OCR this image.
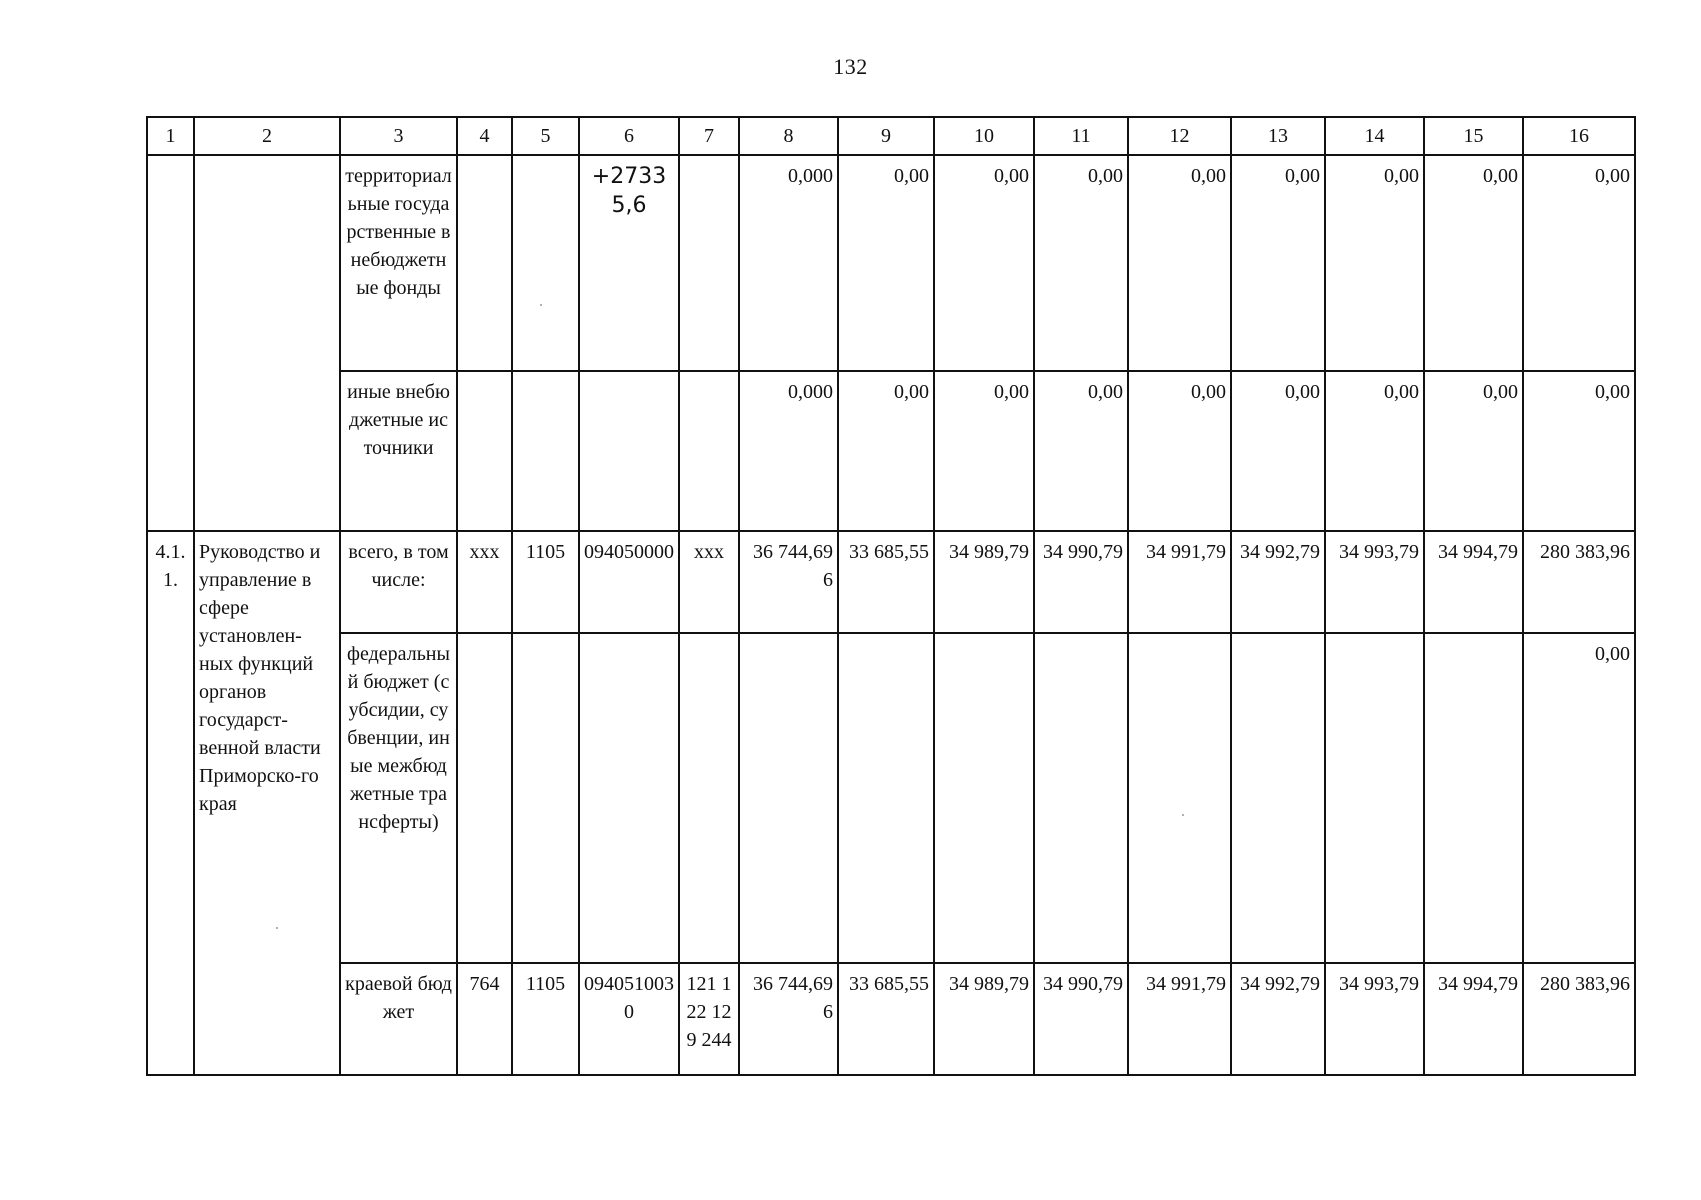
132
1	2	3	4	5	6	7	8	9	10	11	12	13	14	15	16
		территориальные государственные внебюджетные фонды			+27335,6		0,000	0,00	0,00	0,00	0,00	0,00	0,00	0,00	0,00
		иные внебюджетные источники					0,000	0,00	0,00	0,00	0,00	0,00	0,00	0,00	0,00
4.1.1.	Руководство и управление в сфере установлен-ных функций органов государст-венной власти Приморско-го края	всего, в том числе:	ххх	1105	094050000	ххх	36 744,696	33 685,55	34 989,79	34 990,79	34 991,79	34 992,79	34 993,79	34 994,79	280 383,96
		федеральный бюджет (субсидии, субвенции, иные межбюджетные трансферты)													0,00
		краевой бюджет	764	1105	0940510030	121 122 129 244	36 744,696	33 685,55	34 989,79	34 990,79	34 991,79	34 992,79	34 993,79	34 994,79	280 383,96
